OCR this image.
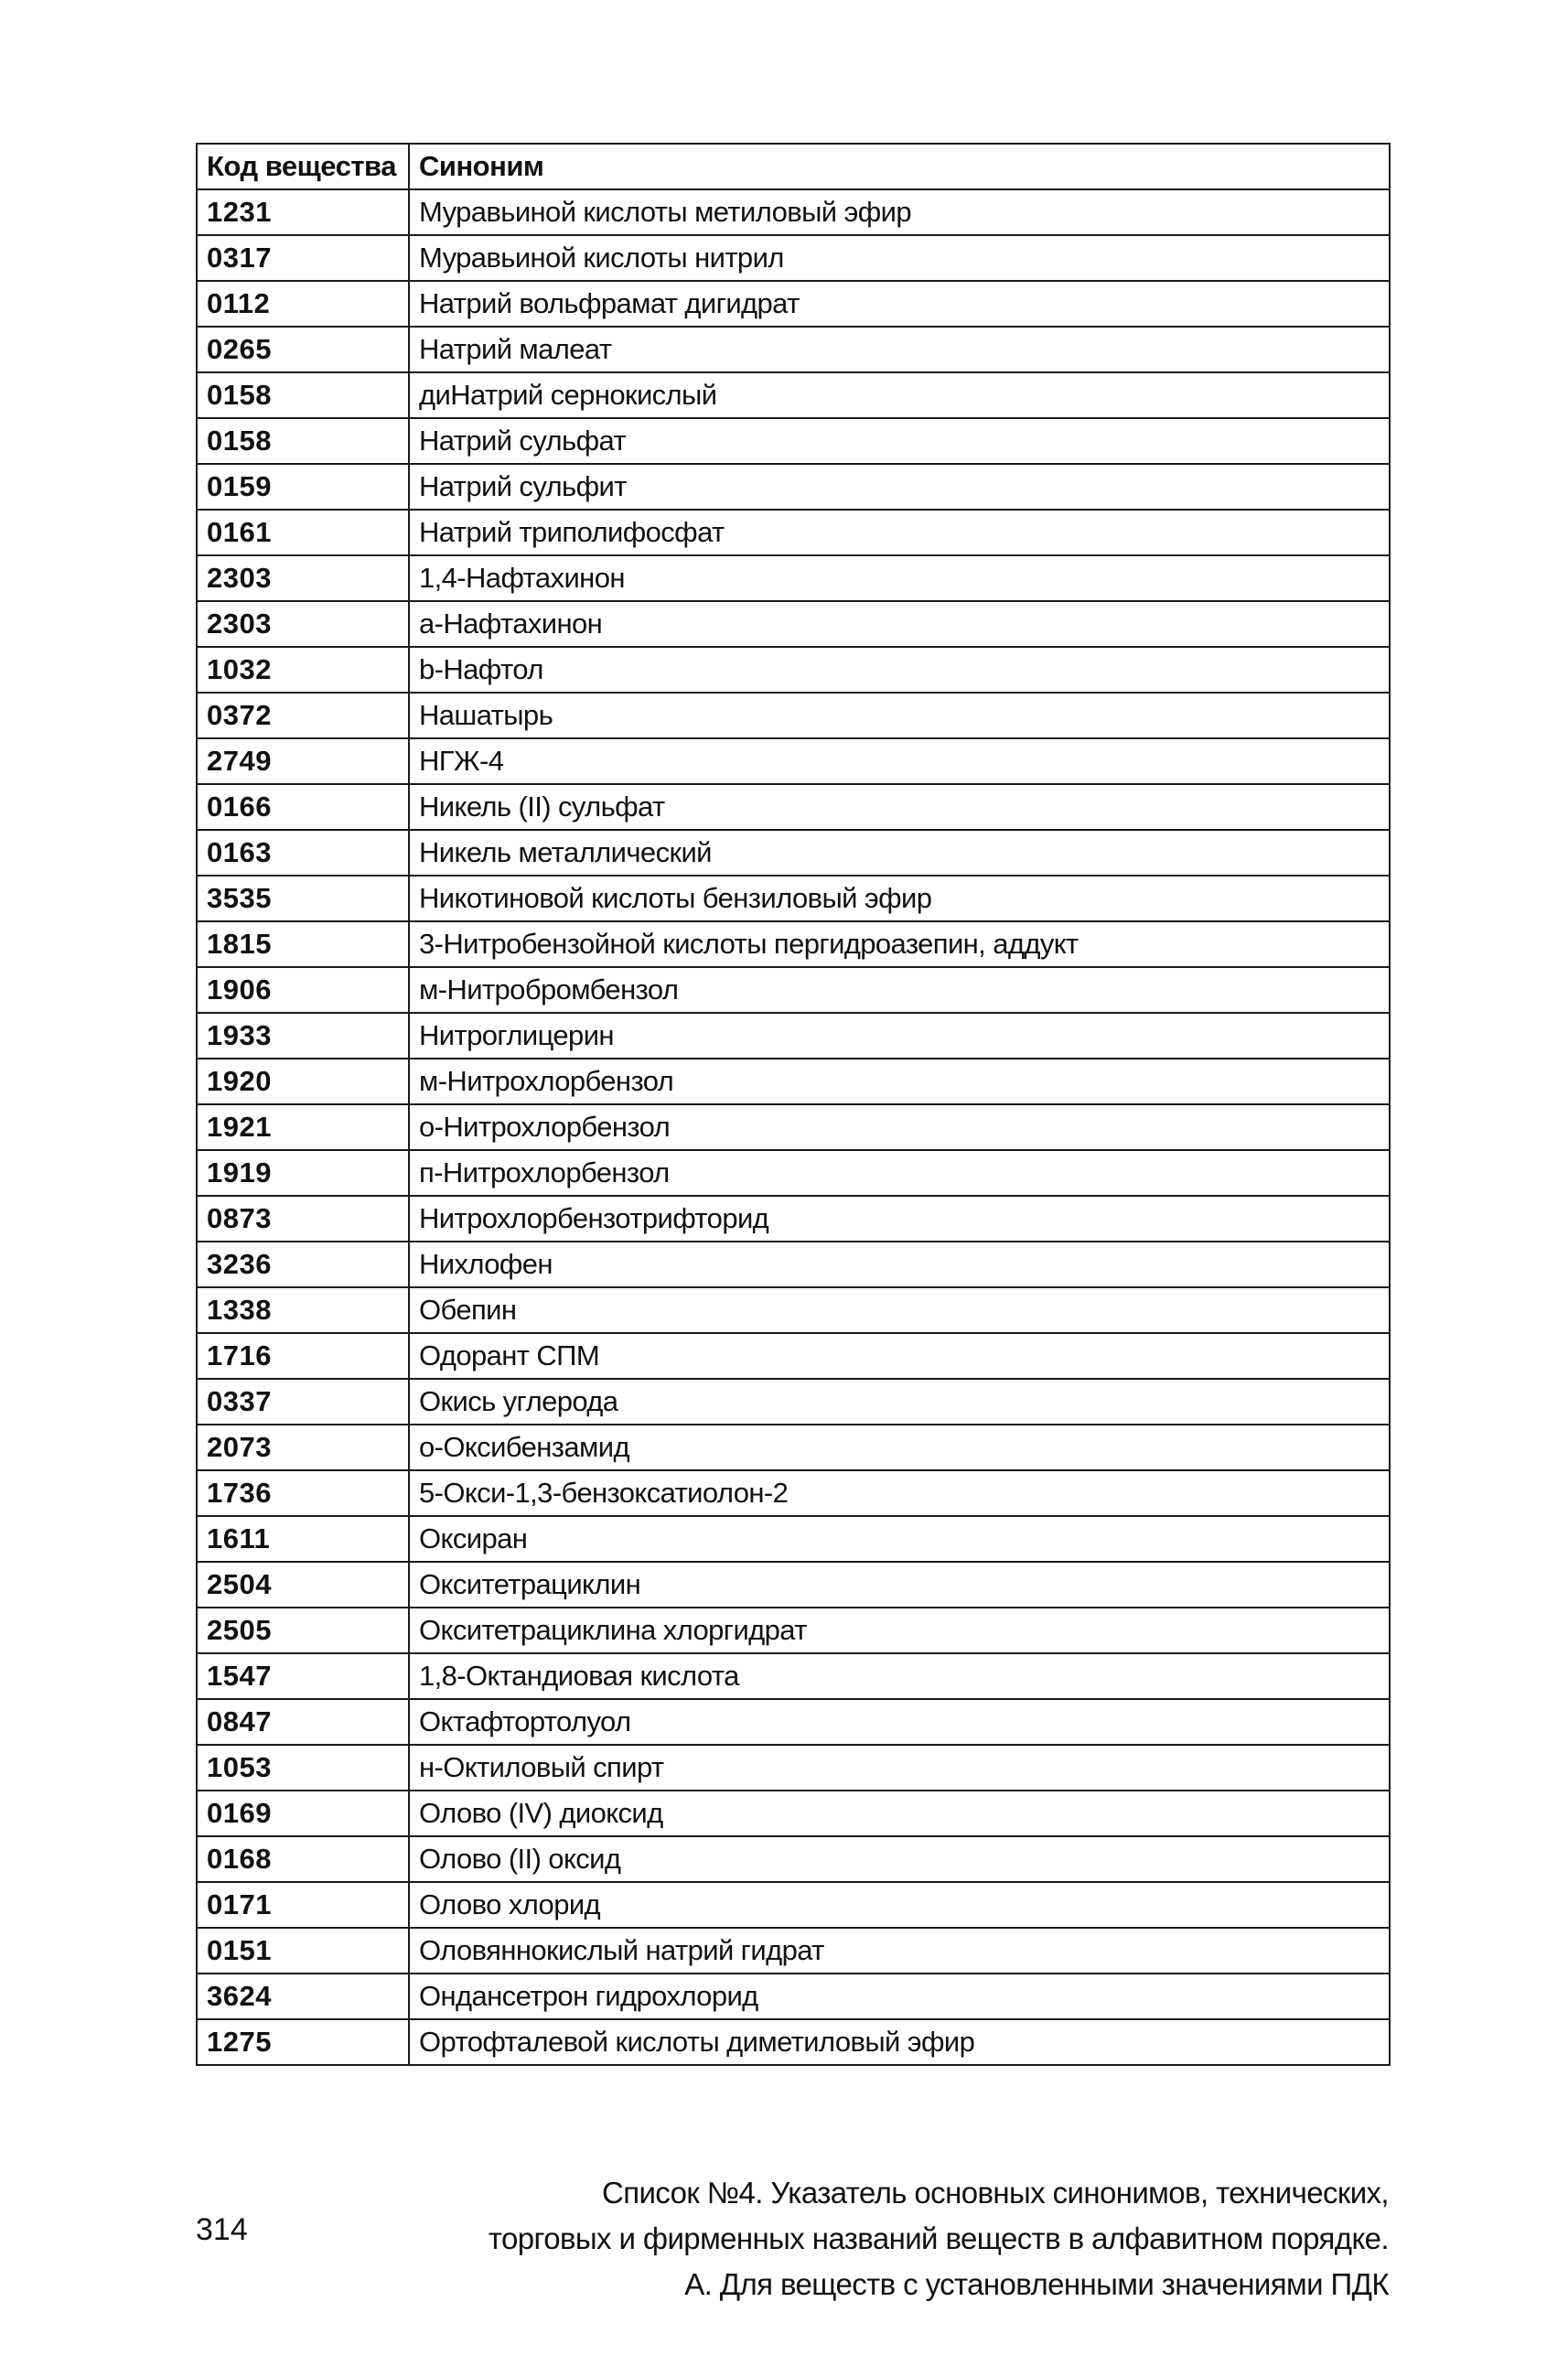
Код вещества	Синоним
1231	Муравьиной кислоты метиловый эфир
0317	Муравьиной кислоты нитрил
0112	Натрий вольфрамат дигидрат
0265	Натрий малеат
0158	диНатрий сернокислый
0158	Натрий сульфат
0159	Натрий сульфит
0161	Натрий триполифосфат
2303	1,4-Нафтахинон
2303	а-Нафтахинон
1032	b-Нафтол
0372	Нашатырь
2749	НГЖ-4
0166	Никель (II) сульфат
0163	Никель металлический
3535	Никотиновой кислоты бензиловый эфир
1815	3-Нитробензойной кислоты пергидроазепин, аддукт
1906	м-Нитробромбензол
1933	Нитроглицерин
1920	м-Нитрохлорбензол
1921	о-Нитрохлорбензол
1919	п-Нитрохлорбензол
0873	Нитрохлорбензотрифторид
3236	Нихлофен
1338	Обепин
1716	Одорант СПМ
0337	Окись углерода
2073	о-Оксибензамид
1736	5-Окси-1,3-бензоксатиолон-2
1611	Оксиран
2504	Окситетрациклин
2505	Окситетрациклина хлоргидрат
1547	1,8-Октандиовая кислота
0847	Октафтортолуол
1053	н-Октиловый спирт
0169	Олово (IV) диоксид
0168	Олово (II) оксид
0171	Олово хлорид
0151	Оловяннокислый натрий гидрат
3624	Ондансетрон гидрохлорид
1275	Ортофталевой кислоты диметиловый эфир
314
Список №4. Указатель основных синонимов, технических,
торговых и фирменных названий веществ в алфавитном порядке.
А. Для веществ с установленными значениями ПДК
